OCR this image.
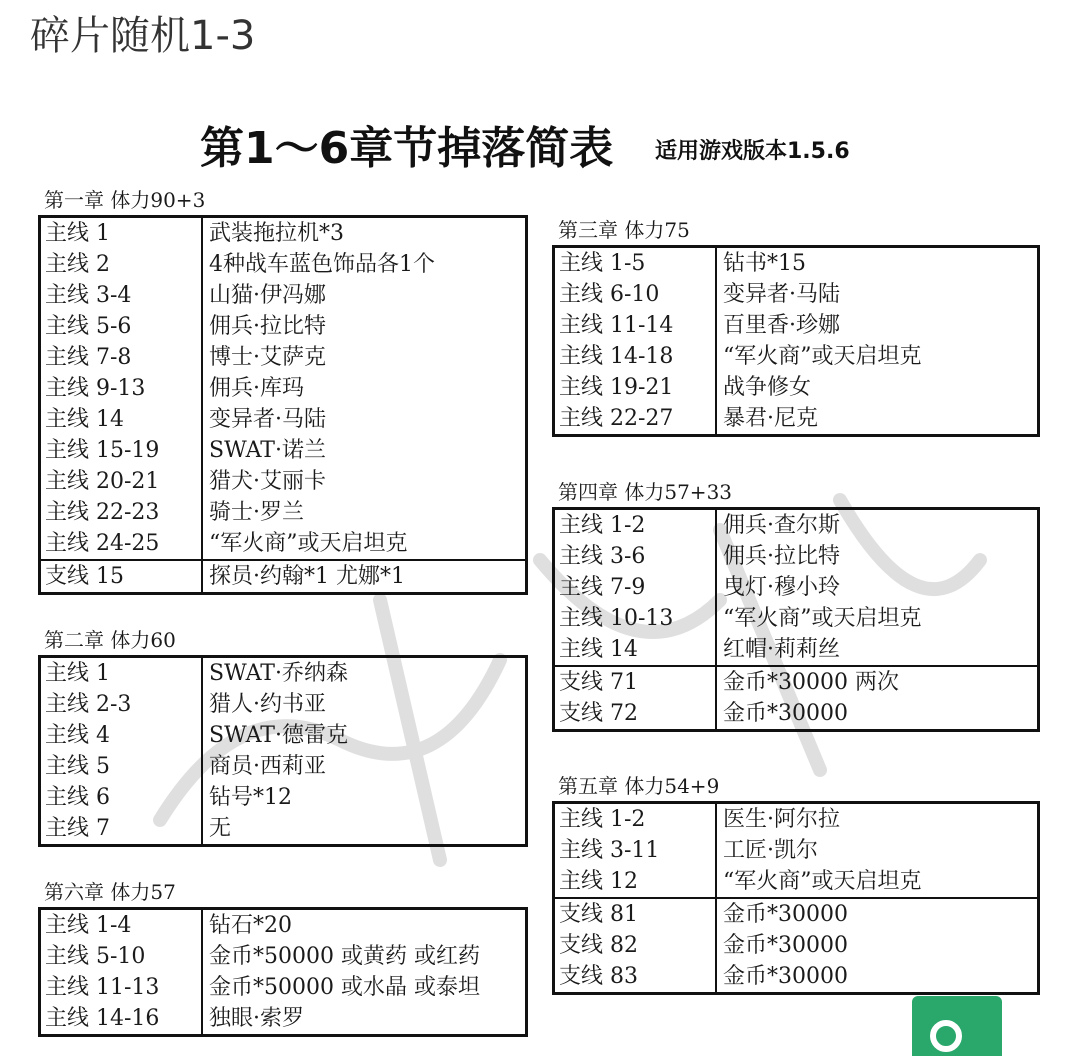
碎片随机1-3
第1～6章节掉落简表 适用游戏版本1.5.6
第一章 体力90+3
主线 1	武装拖拉机*3
主线 2	4种战车蓝色饰品各1个
主线 3-4	山猫·伊冯娜
主线 5-6	佣兵·拉比特
主线 7-8	博士·艾萨克
主线 9-13	佣兵·库玛
主线 14	变异者·马陆
主线 15-19	SWAT·诺兰
主线 20-21	猎犬·艾丽卡
主线 22-23	骑士·罗兰
主线 24-25	“军火商”或天启坦克
支线 15	探员·约翰*1 尤娜*1
第二章 体力60
主线 1	SWAT·乔纳森
主线 2-3	猎人·约书亚
主线 4	SWAT·德雷克
主线 5	商员·西莉亚
主线 6	钻号*12
主线 7	无
第六章 体力57
主线 1-4	钻石*20
主线 5-10	金币*50000 或黄药 或红药
主线 11-13	金币*50000 或水晶 或泰坦
主线 14-16	独眼·索罗
第三章 体力75
主线 1-5	钻书*15
主线 6-10	变异者·马陆
主线 11-14	百里香·珍娜
主线 14-18	“军火商”或天启坦克
主线 19-21	战争修女
主线 22-27	暴君·尼克
第四章 体力57+33
主线 1-2	佣兵·查尔斯
主线 3-6	佣兵·拉比特
主线 7-9	曳灯·穆小玲
主线 10-13	“军火商”或天启坦克
主线 14	红帽·莉莉丝
支线 71	金币*30000 两次
支线 72	金币*30000
第五章 体力54+9
主线 1-2	医生·阿尔拉
主线 3-11	工匠·凯尔
主线 12	“军火商”或天启坦克
支线 81	金币*30000
支线 82	金币*30000
支线 83	金币*30000
